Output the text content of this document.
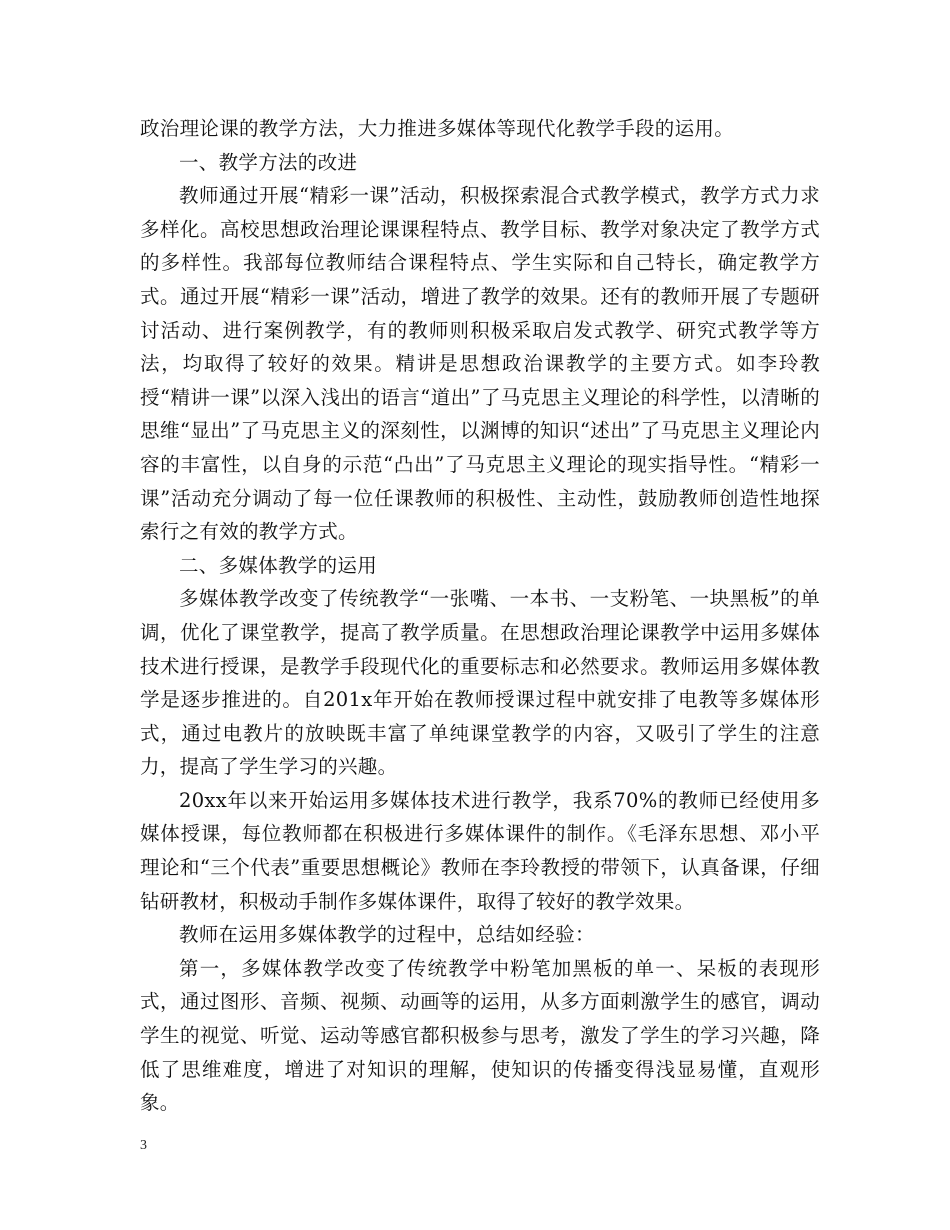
政治理论课的教学方法，大力推进多媒体等现代化教学手段的运用。

一、教学方法的改进

教师通过开展“精彩一课”活动，积极探索混合式教学模式，教学方式力求多样化。高校思想政治理论课课程特点、教学目标、教学对象决定了教学方式的多样性。我部每位教师结合课程特点、学生实际和自己特长，确定教学方式。通过开展“精彩一课”活动，增进了教学的效果。还有的教师开展了专题研讨活动、进行案例教学，有的教师则积极采取启发式教学、研究式教学等方法，均取得了较好的效果。精讲是思想政治课教学的主要方式。如李玲教授“精讲一课”以深入浅出的语言“道出”了马克思主义理论的科学性，以清晰的思维“显出”了马克思主义的深刻性，以渊博的知识“述出”了马克思主义理论内容的丰富性，以自身的示范“凸出”了马克思主义理论的现实指导性。“精彩一课”活动充分调动了每一位任课教师的积极性、主动性，鼓励教师创造性地探索行之有效的教学方式。

二、多媒体教学的运用

多媒体教学改变了传统教学“一张嘴、一本书、一支粉笔、一块黑板”的单调，优化了课堂教学，提高了教学质量。在思想政治理论课教学中运用多媒体技术进行授课，是教学手段现代化的重要标志和必然要求。教师运用多媒体教学是逐步推进的。自201x年开始在教师授课过程中就安排了电教等多媒体形式，通过电教片的放映既丰富了单纯课堂教学的内容，又吸引了学生的注意力，提高了学生学习的兴趣。

20xx年以来开始运用多媒体技术进行教学，我系70%的教师已经使用多媒体授课，每位教师都在积极进行多媒体课件的制作。《毛泽东思想、邓小平理论和“三个代表”重要思想概论》教师在李玲教授的带领下，认真备课，仔细钻研教材，积极动手制作多媒体课件，取得了较好的教学效果。

教师在运用多媒体教学的过程中，总结如经验：

第一，多媒体教学改变了传统教学中粉笔加黑板的单一、呆板的表现形式，通过图形、音频、视频、动画等的运用，从多方面刺激学生的感官，调动学生的视觉、听觉、运动等感官都积极参与思考，激发了学生的学习兴趣，降低了思维难度，增进了对知识的理解，使知识的传播变得浅显易懂，直观形象。

3
